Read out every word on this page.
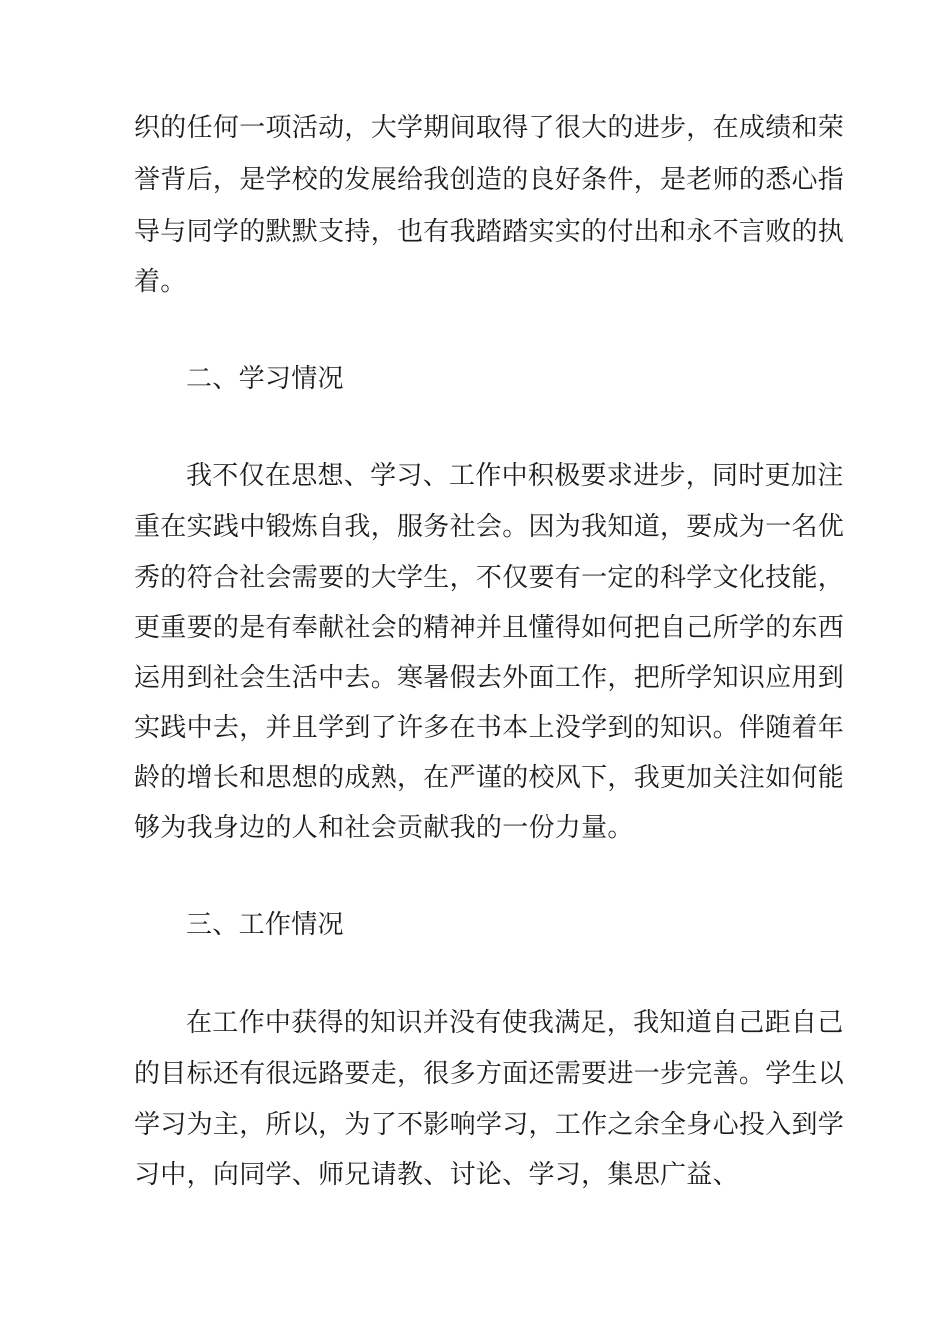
织的任何一项活动，大学期间取得了很大的进步，在成绩和荣
誉背后，是学校的发展给我创造的良好条件，是老师的悉心指
导与同学的默默支持，也有我踏踏实实的付出和永不言败的执
着。
二、学习情况
我不仅在思想、学习、工作中积极要求进步，同时更加注
重在实践中锻炼自我，服务社会。因为我知道，要成为一名优
秀的符合社会需要的大学生，不仅要有一定的科学文化技能，
更重要的是有奉献社会的精神并且懂得如何把自己所学的东西
运用到社会生活中去。寒暑假去外面工作，把所学知识应用到
实践中去，并且学到了许多在书本上没学到的知识。伴随着年
龄的增长和思想的成熟，在严谨的校风下，我更加关注如何能
够为我身边的人和社会贡献我的一份力量。
三、工作情况
在工作中获得的知识并没有使我满足，我知道自己距自己
的目标还有很远路要走，很多方面还需要进一步完善。学生以
学习为主，所以，为了不影响学习，工作之余全身心投入到学
习中，向同学、师兄请教、讨论、学习，集思广益、
